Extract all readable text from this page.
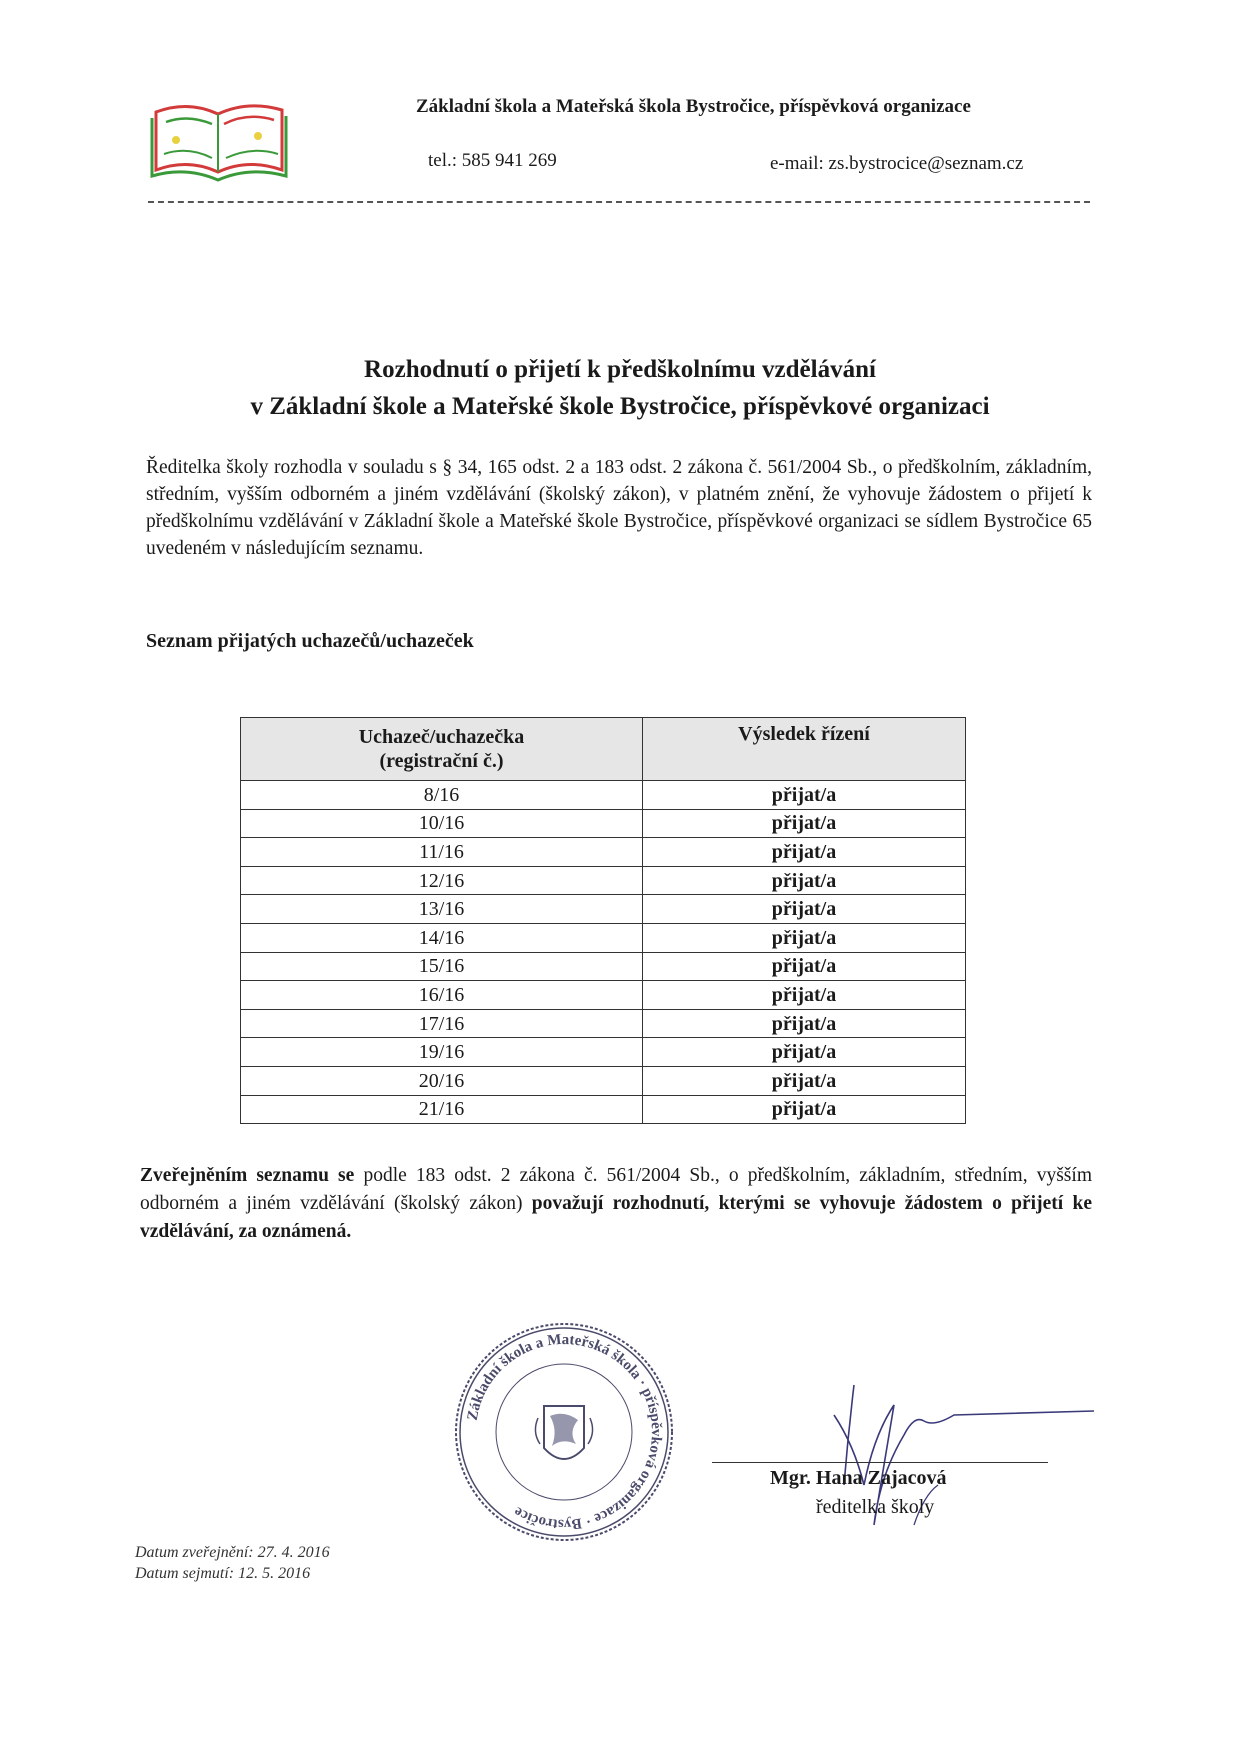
Základní škola a Mateřská škola Bystročice, příspěvková organizace
tel.: 585 941 269	e-mail: zs.bystrocice@seznam.cz
Rozhodnutí o přijetí k předškolnímu vzdělávání
v Základní škole a Mateřské škole Bystročice, příspěvkové organizaci

Ředitelka školy rozhodla v souladu s § 34, 165 odst. 2 a 183 odst. 2 zákona č. 561/2004 Sb., o předškolním, základním, středním, vyšším odborném a jiném vzdělávání (školský zákon), v platném znění, že vyhovuje žádostem o přijetí k předškolnímu vzdělávání v Základní škole a Mateřské škole Bystročice, příspěvkové organizaci se sídlem Bystročice 65 uvedeném v následujícím seznamu.

Seznam přijatých uchazečů/uchazeček
Uchazeč/uchazečka
(registrační č.)	Výsledek řízení
8/16	přijat/a
10/16	přijat/a
11/16	přijat/a
12/16	přijat/a
13/16	přijat/a
14/16	přijat/a
15/16	přijat/a
16/16	přijat/a
17/16	přijat/a
19/16	přijat/a
20/16	přijat/a
21/16	přijat/a

Zveřejněním seznamu se podle 183 odst. 2 zákona č. 561/2004 Sb., o předškolním, základním, středním, vyšším odborném a jiném vzdělávání (školský zákon) považují rozhodnutí, kterými se vyhovuje žádostem o přijetí ke vzdělávání, za oznámená.

Základní škola a Mateřská škola · příspěvková organizace · Bystročice
Mgr. Hana Zajacová
ředitelka školy
Datum zveřejnění: 27. 4. 2016
Datum sejmutí: 12. 5. 2016
